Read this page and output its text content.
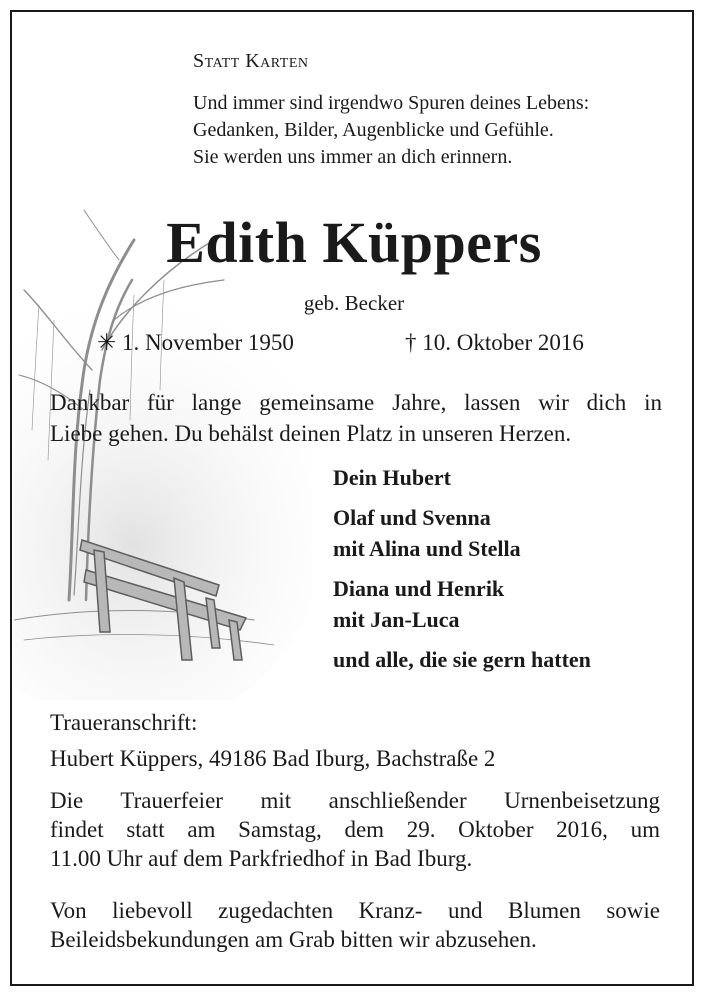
Statt Karten

Und immer sind irgendwo Spuren deines Lebens:
Gedanken, Bilder, Augenblicke und Gefühle.
Sie werden uns immer an dich erinnern.

Edith Küppers

geb. Becker

✳ 1. November 1950	† 10. Oktober 2016

Dankbar für lange gemeinsame Jahre, lassen wir dich in
Liebe gehen. Du behälst deinen Platz in unseren Herzen.

Dein Hubert
Olaf und Svenna
mit Alina und Stella
Diana und Henrik
mit Jan-Luca
und alle, die sie gern hatten

Traueranschrift:

Hubert Küppers, 49186 Bad Iburg, Bachstraße 2

Die Trauerfeier mit anschließender Urnenbeisetzung
findet statt am Samstag, dem 29. Oktober 2016, um
11.00 Uhr auf dem Parkfriedhof in Bad Iburg.

Von liebevoll zugedachten Kranz- und Blumen sowie
Beileidsbekundungen am Grab bitten wir abzusehen.
